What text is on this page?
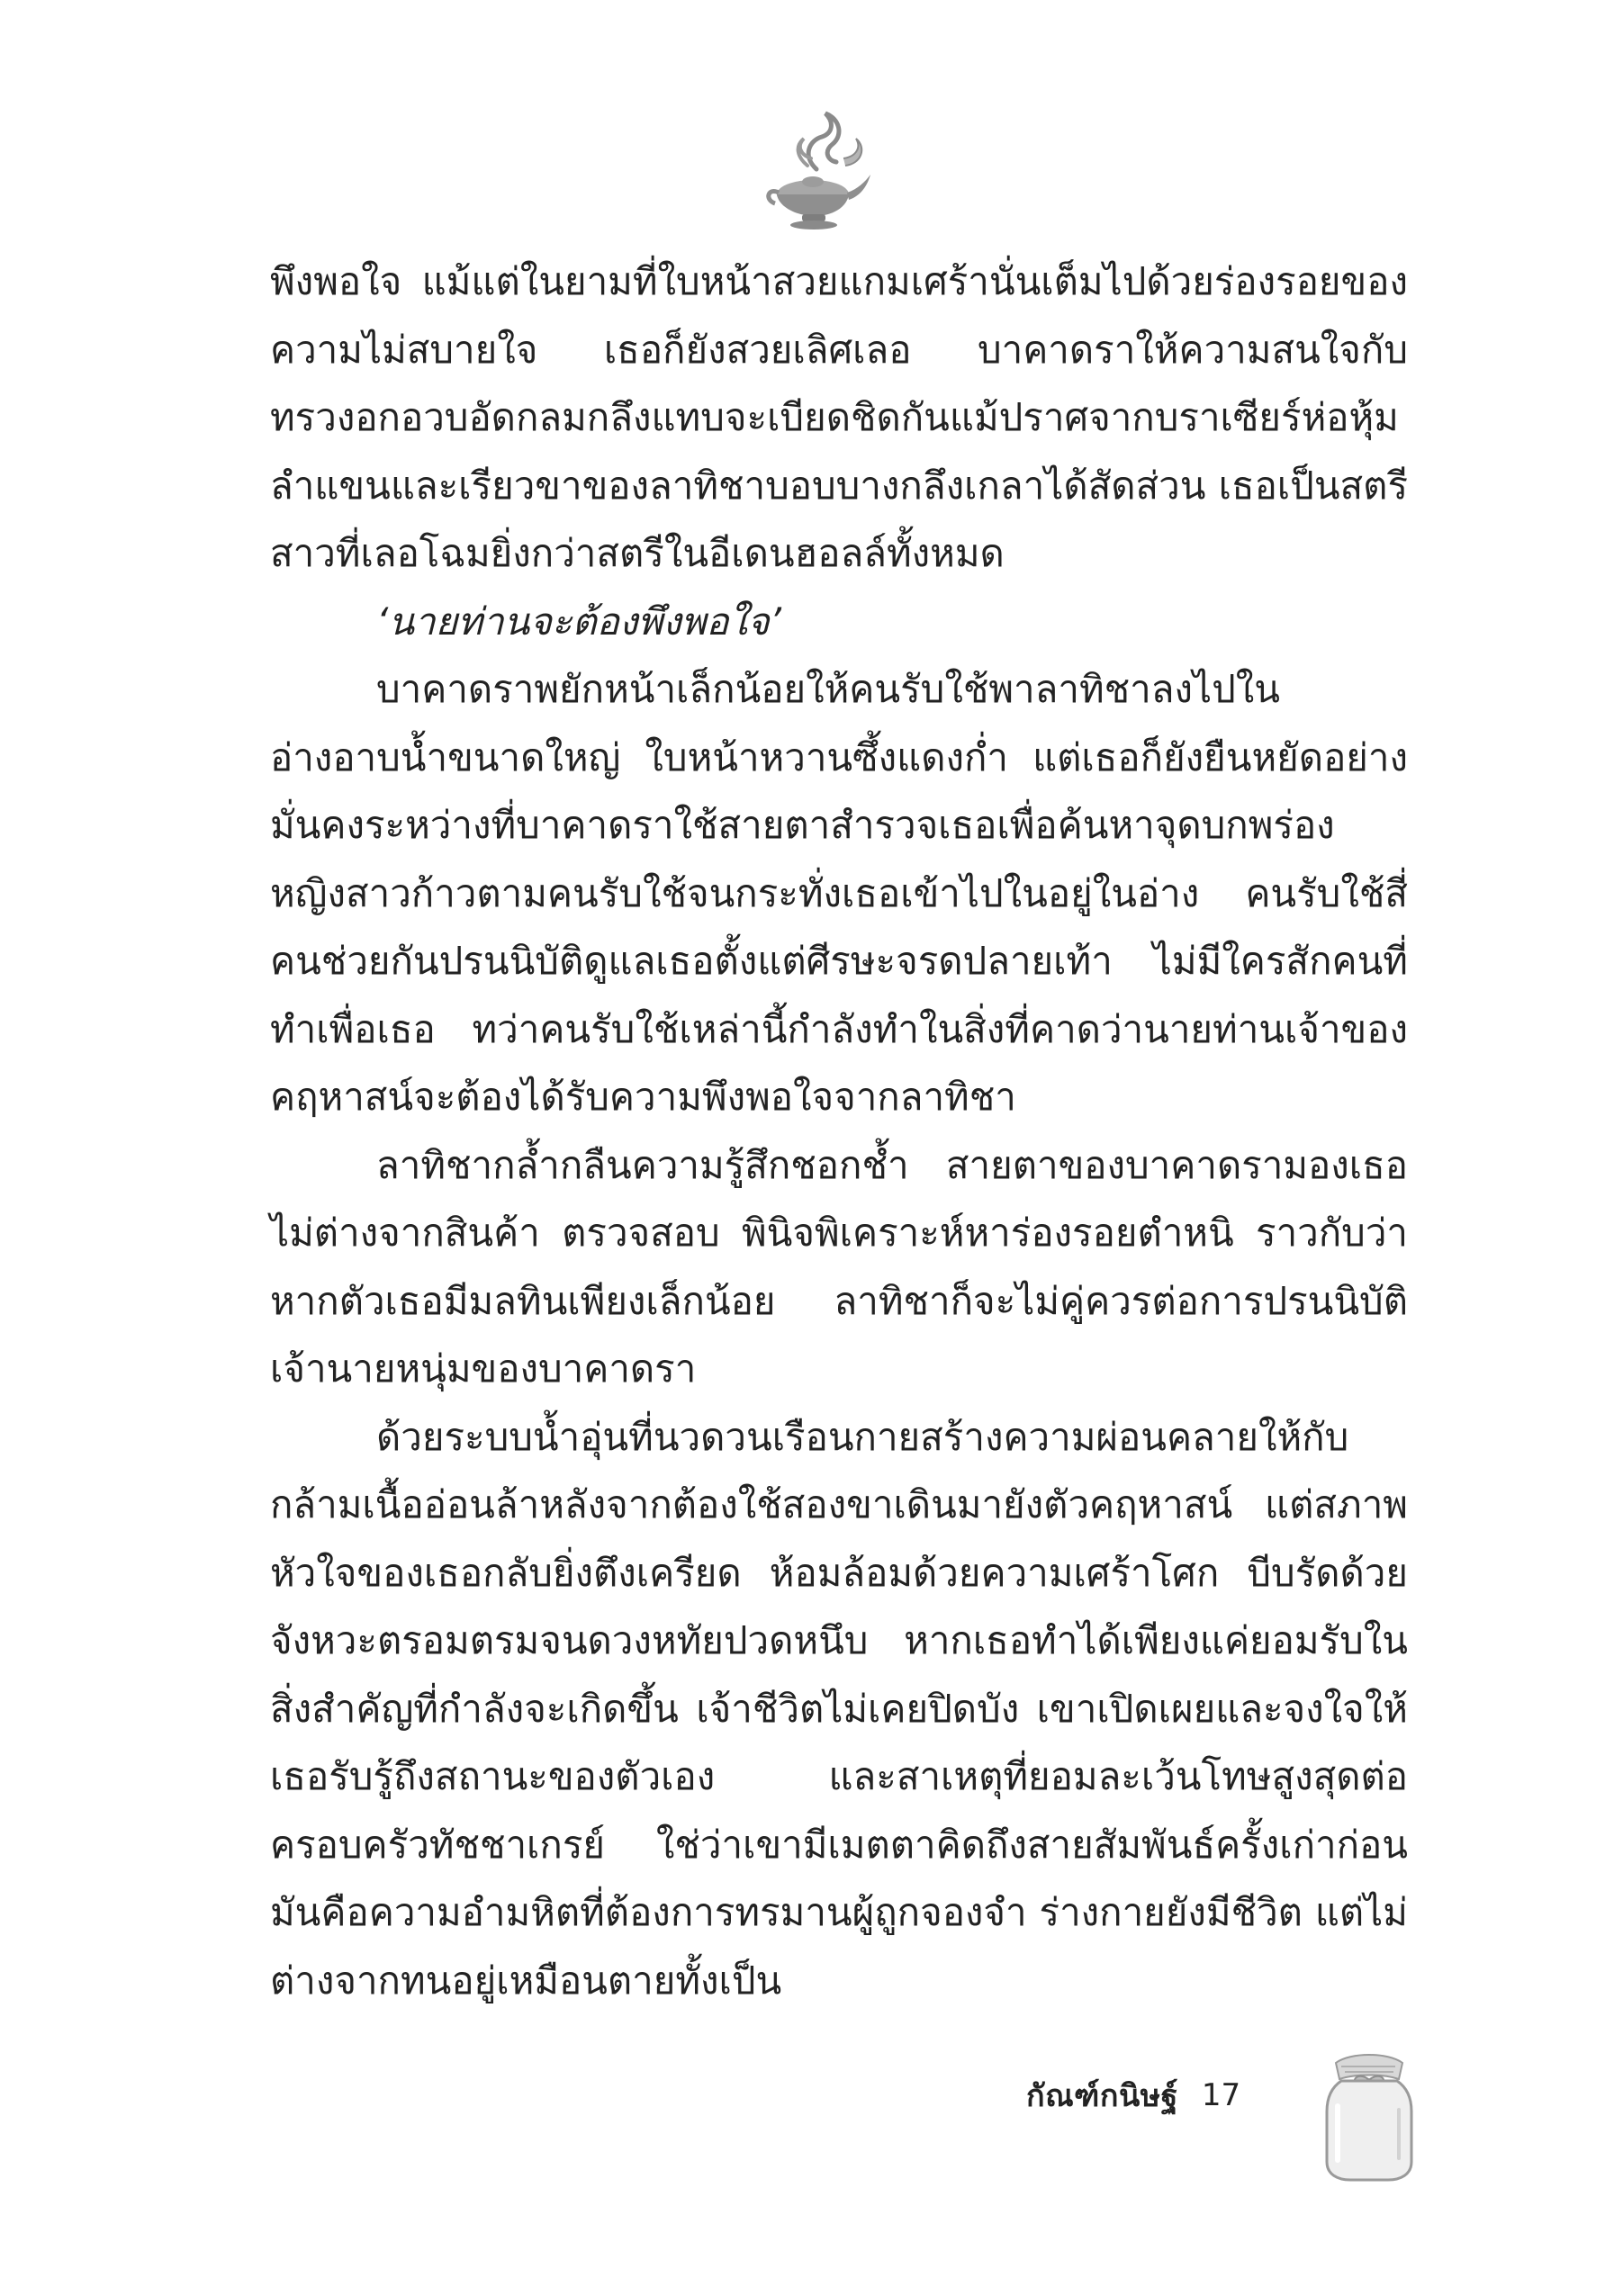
พึงพอใจ แม้แต่ในยามที่ใบหน้าสวยแกมเศร้านั่นเต็มไปด้วยร่องรอยของความไม่สบายใจ เธอก็ยังสวยเลิศเลอ บาคาดราให้ความสนใจกับทรวงอกอวบอัดกลมกลึงแทบจะเบียดชิดกันแม้ปราศจากบราเซียร์ห่อหุ้ม ลำแขนและเรียวขาของลาทิชาบอบบางกลึงเกลาได้สัดส่วน เธอเป็นสตรีสาวที่เลอโฉมยิ่งกว่าสตรีในอีเดนฮอลล์ทั้งหมด

‘นายท่านจะต้องพึงพอใจ’

บาคาดราพยักหน้าเล็กน้อยให้คนรับใช้พาลาทิชาลงไปในอ่างอาบน้ำขนาดใหญ่ ใบหน้าหวานซึ้งแดงก่ำ แต่เธอก็ยังยืนหยัดอย่างมั่นคงระหว่างที่บาคาดราใช้สายตาสำรวจเธอเพื่อค้นหาจุดบกพร่อง หญิงสาวก้าวตามคนรับใช้จนกระทั่งเธอเข้าไปในอยู่ในอ่าง คนรับใช้สี่คนช่วยกันปรนนิบัติดูแลเธอตั้งแต่ศีรษะจรดปลายเท้า ไม่มีใครสักคนที่ทำเพื่อเธอ ทว่าคนรับใช้เหล่านี้กำลังทำในสิ่งที่คาดว่านายท่านเจ้าของคฤหาสน์จะต้องได้รับความพึงพอใจจากลาทิชา

ลาทิชากล้ำกลืนความรู้สึกชอกช้ำ สายตาของบาคาดรามองเธอไม่ต่างจากสินค้า ตรวจสอบ พินิจพิเคราะห์หาร่องรอยตำหนิ ราวกับว่าหากตัวเธอมีมลทินเพียงเล็กน้อย ลาทิชาก็จะไม่คู่ควรต่อการปรนนิบัติเจ้านายหนุ่มของบาคาดรา

ด้วยระบบน้ำอุ่นที่นวดวนเรือนกายสร้างความผ่อนคลายให้กับกล้ามเนื้ออ่อนล้าหลังจากต้องใช้สองขาเดินมายังตัวคฤหาสน์ แต่สภาพหัวใจของเธอกลับยิ่งตึงเครียด ห้อมล้อมด้วยความเศร้าโศก บีบรัดด้วยจังหวะตรอมตรมจนดวงหทัยปวดหนึบ หากเธอทำได้เพียงแค่ยอมรับในสิ่งสำคัญที่กำลังจะเกิดขึ้น เจ้าชีวิตไม่เคยปิดบัง เขาเปิดเผยและจงใจให้เธอรับรู้ถึงสถานะของตัวเอง และสาเหตุที่ยอมละเว้นโทษสูงสุดต่อครอบครัวทัชชาเกรย์ ใช่ว่าเขามีเมตตาคิดถึงสายสัมพันธ์ครั้งเก่าก่อน มันคือความอำมหิตที่ต้องการทรมานผู้ถูกจองจำ ร่างกายยังมีชีวิต แต่ไม่ต่างจากทนอยู่เหมือนตายทั้งเป็น

กัณฑ์กนิษฐ์ 17
